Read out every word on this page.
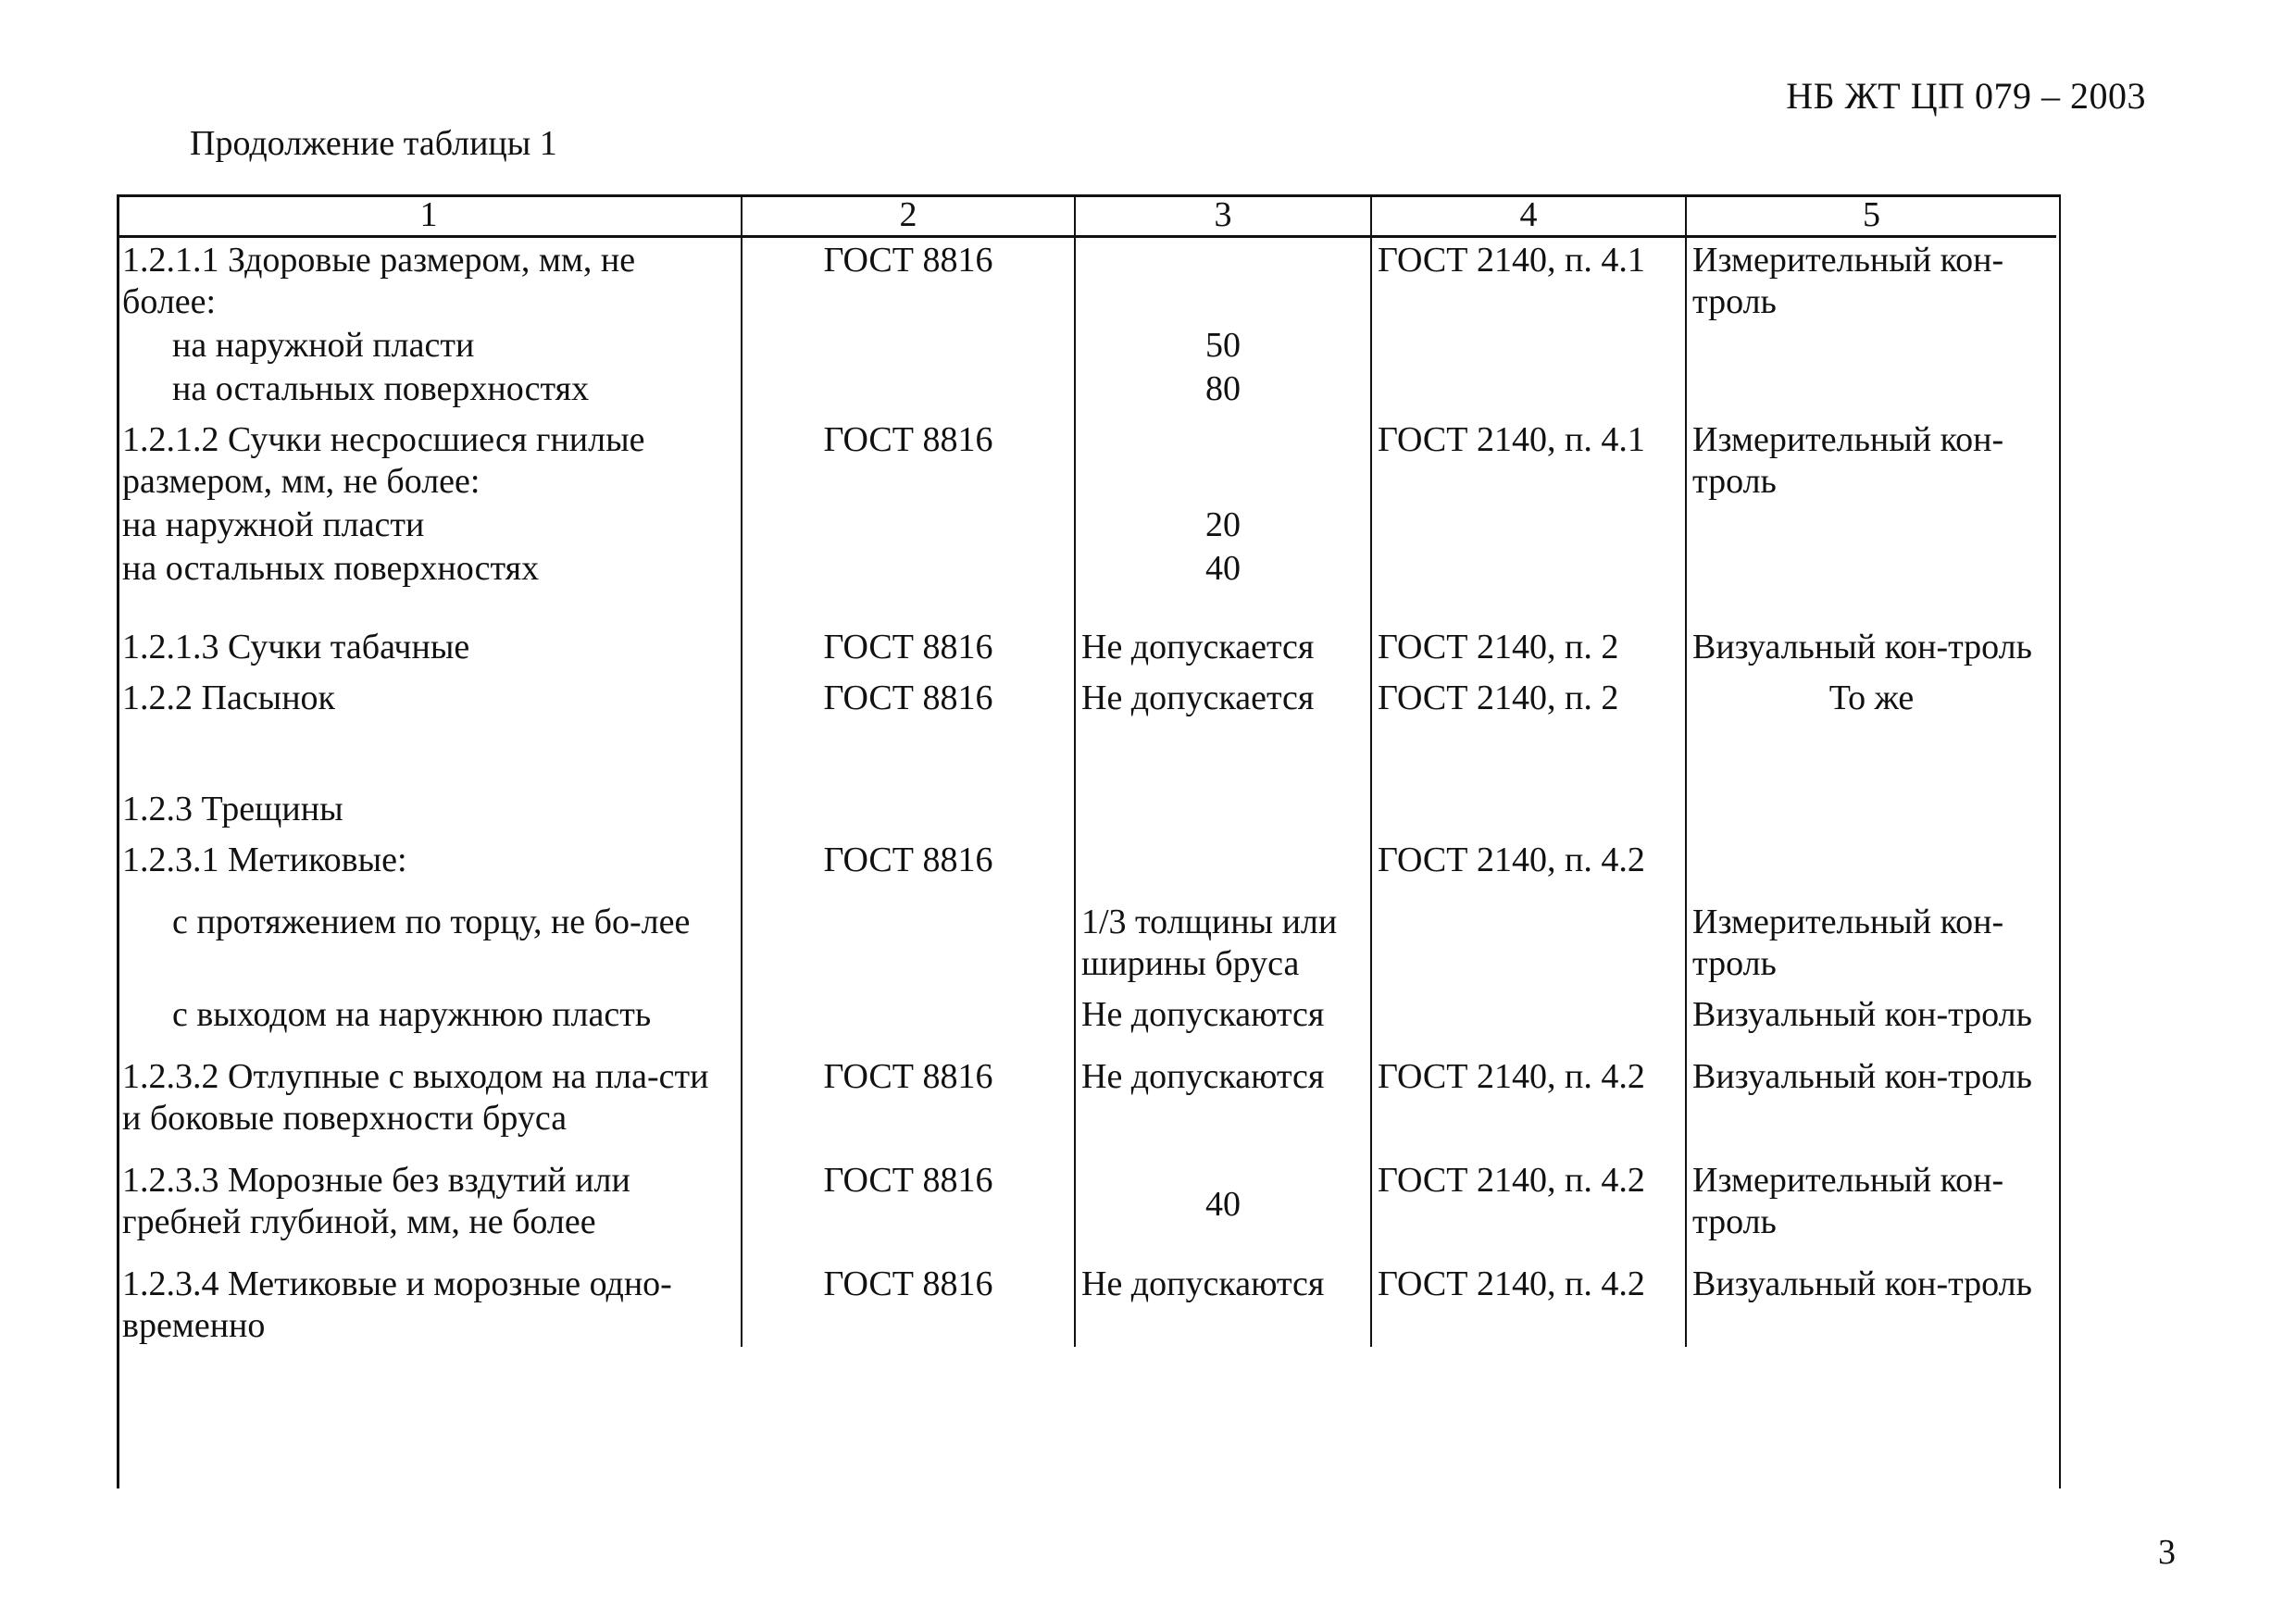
НБ ЖТ ЦП 079 – 2003
Продолжение таблицы 1
1	2	3	4	5
1.2.1.1 Здоровые размером, мм, не более:	ГОСТ 8816		ГОСТ 2140, п. 4.1	Измерительный кон-троль
на наружной пласти		50		
на остальных поверхностях		80		
1.2.1.2 Сучки несросшиеся гнилые размером, мм, не более:	ГОСТ 8816		ГОСТ 2140, п. 4.1	Измерительный кон-троль
на наружной пласти		20		
на остальных поверхностях		40		
1.2.1.3 Сучки табачные	ГОСТ 8816	Не допускается	ГОСТ 2140, п. 2	Визуальный кон-троль
1.2.2 Пасынок	ГОСТ 8816	Не допускается	ГОСТ 2140, п. 2	То же
1.2.3 Трещины				
1.2.3.1 Метиковые:	ГОСТ 8816		ГОСТ 2140, п. 4.2	
с протяжением по торцу, не бо-лее		1/3 толщины или ширины бруса		Измерительный кон-троль
с выходом на наружнюю пласть		Не допускаются		Визуальный кон-троль
1.2.3.2 Отлупные с выходом на пла-сти и боковые поверхности бруса	ГОСТ 8816	Не допускаются	ГОСТ 2140, п. 4.2	Визуальный кон-троль
1.2.3.3 Морозные без вздутий или гребней глубиной, мм, не более	ГОСТ 8816	40	ГОСТ 2140, п. 4.2	Измерительный кон-троль
1.2.3.4 Метиковые и морозные одно-временно	ГОСТ 8816	Не допускаются	ГОСТ 2140, п. 4.2	Визуальный кон-троль
3
